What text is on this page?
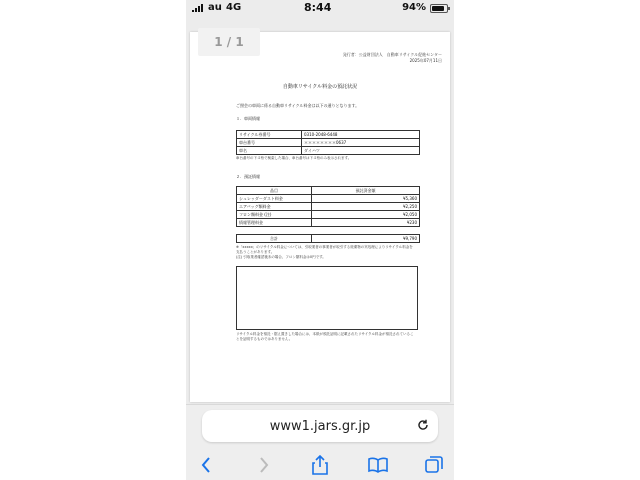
au 4G	8:44	94%
発行者：公益財団法人　自動車リサイクル促進センター
2025年07月11日
自動車リサイクル料金の預託状況
ご照会の車両に係る自動車リサイクル料金は以下の通りとなります。
１．車両情報
リサイクル券番号	0310-2048-6448
車台番号	＊＊＊＊＊＊＊＊0637
車名	ダイハツ
車台番号の下４桁で検索した場合、車台番号は下４桁のみ表示されます。
２．預託情報
品目	預託済金額
シュレッダーダスト料金	¥5,360
エアバッグ類料金	¥2,250
フロン類料金 (注)	¥2,050
情報管理料金	¥230
合計	¥9,790
※「xxxxx」のリサイクル料金については、引取業者の事業者が取引する廃棄物の実処理によりリサイクル料金を支払うことがあります。
(注) 引取業者確認後未の場合、フロン類料金は0円です。
リサイクル料金を預託・据え置きした場合には、本紙が預託証明に記載されたリサイクル料金が預託されていることを証明するものではありません。
1 / 1
www1.jars.gr.jp
